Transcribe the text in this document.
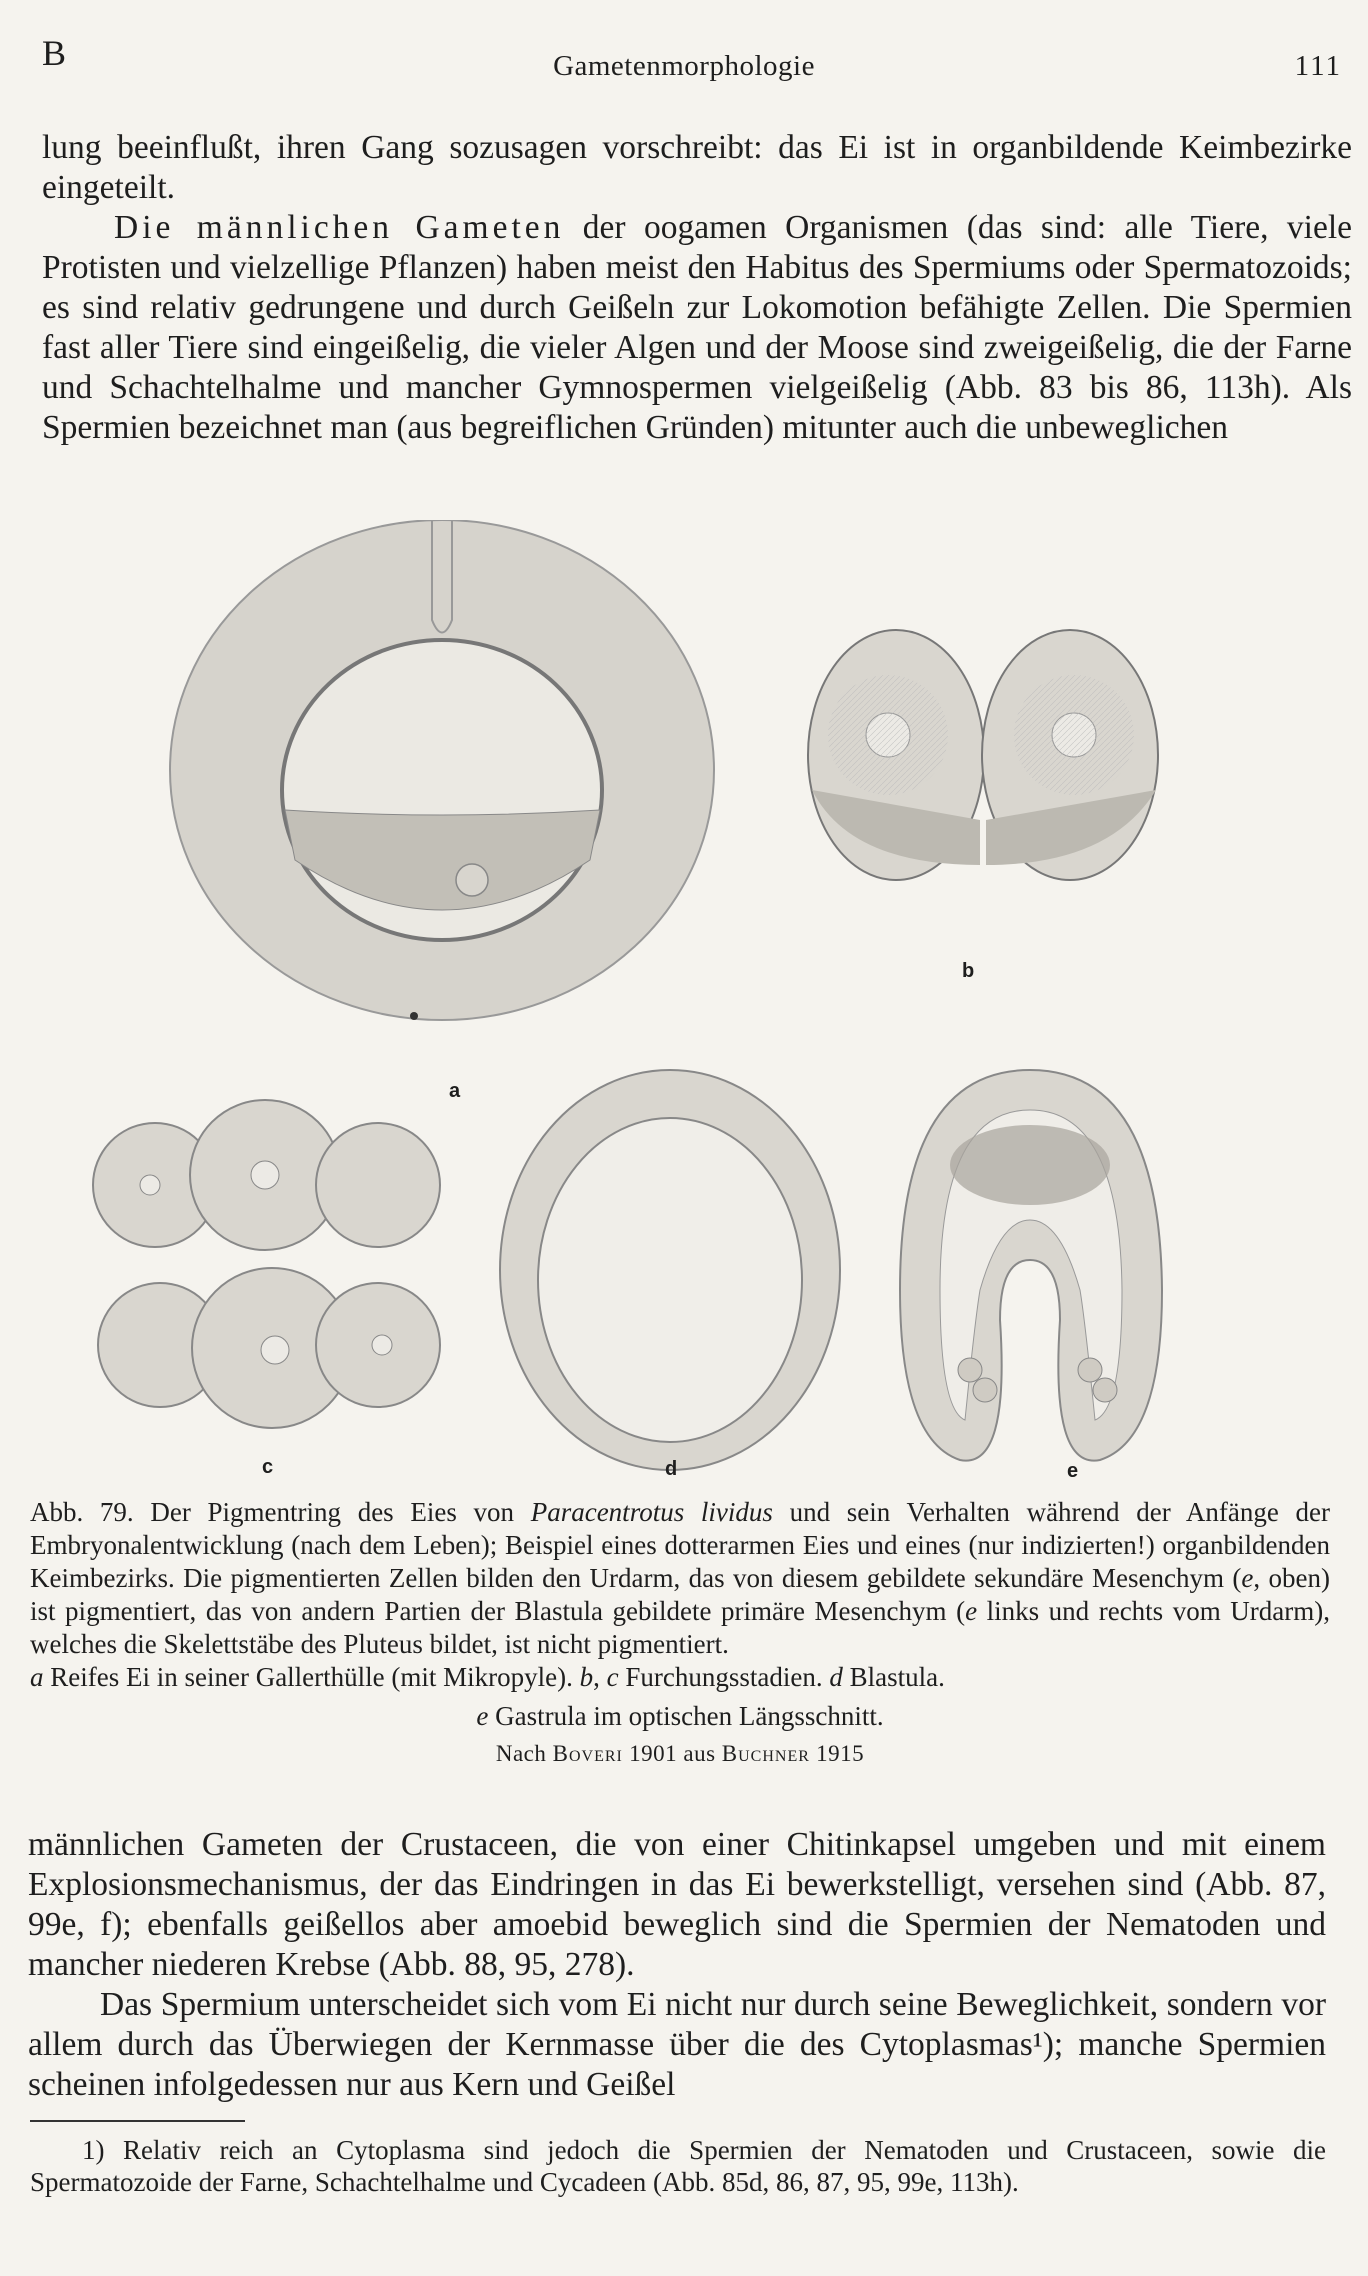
B	Gametenmorphologie	111

lung beeinflußt, ihren Gang sozusagen vorschreibt: das Ei ist in organbildende Keimbezirke eingeteilt.

Die männlichen Gameten der oogamen Organismen (das sind: alle Tiere, viele Protisten und vielzellige Pflanzen) haben meist den Habitus des Spermiums oder Spermatozoids; es sind relativ gedrungene und durch Geißeln zur Lokomotion befähigte Zellen. Die Spermien fast aller Tiere sind eingeißelig, die vieler Algen und der Moose sind zweigeißelig, die der Farne und Schachtelhalme und mancher Gymnospermen vielgeißelig (Abb. 83 bis 86, 113h). Als Spermien bezeichnet man (aus begreiflichen Gründen) mitunter auch die unbeweglichen

a
b
c	d	e

Abb. 79. Der Pigmentring des Eies von Paracentrotus lividus und sein Verhalten während der Anfänge der Embryonalentwicklung (nach dem Leben); Beispiel eines dotterarmen Eies und eines (nur indizierten!) organbildenden Keimbezirks. Die pigmentierten Zellen bilden den Urdarm, das von diesem gebildete sekundäre Mesenchym (e, oben) ist pigmentiert, das von andern Partien der Blastula gebildete primäre Mesenchym (e links und rechts vom Urdarm), welches die Skelettstäbe des Pluteus bildet, ist nicht pigmentiert.

a Reifes Ei in seiner Gallerthülle (mit Mikropyle). b, c Furchungsstadien. d Blastula.

e Gastrula im optischen Längsschnitt.

Nach Boveri 1901 aus Buchner 1915

männlichen Gameten der Crustaceen, die von einer Chitinkapsel umgeben und mit einem Explosionsmechanismus, der das Eindringen in das Ei bewerkstelligt, versehen sind (Abb. 87, 99e, f); ebenfalls geißellos aber amoebid beweglich sind die Spermien der Nematoden und mancher niederen Krebse (Abb. 88, 95, 278).

Das Spermium unterscheidet sich vom Ei nicht nur durch seine Beweglichkeit, sondern vor allem durch das Überwiegen der Kernmasse über die des Cytoplasmas¹); manche Spermien scheinen infolgedessen nur aus Kern und Geißel

1) Relativ reich an Cytoplasma sind jedoch die Spermien der Nematoden und Crustaceen, sowie die Spermatozoide der Farne, Schachtelhalme und Cycadeen (Abb. 85d, 86, 87, 95, 99e, 113h).
